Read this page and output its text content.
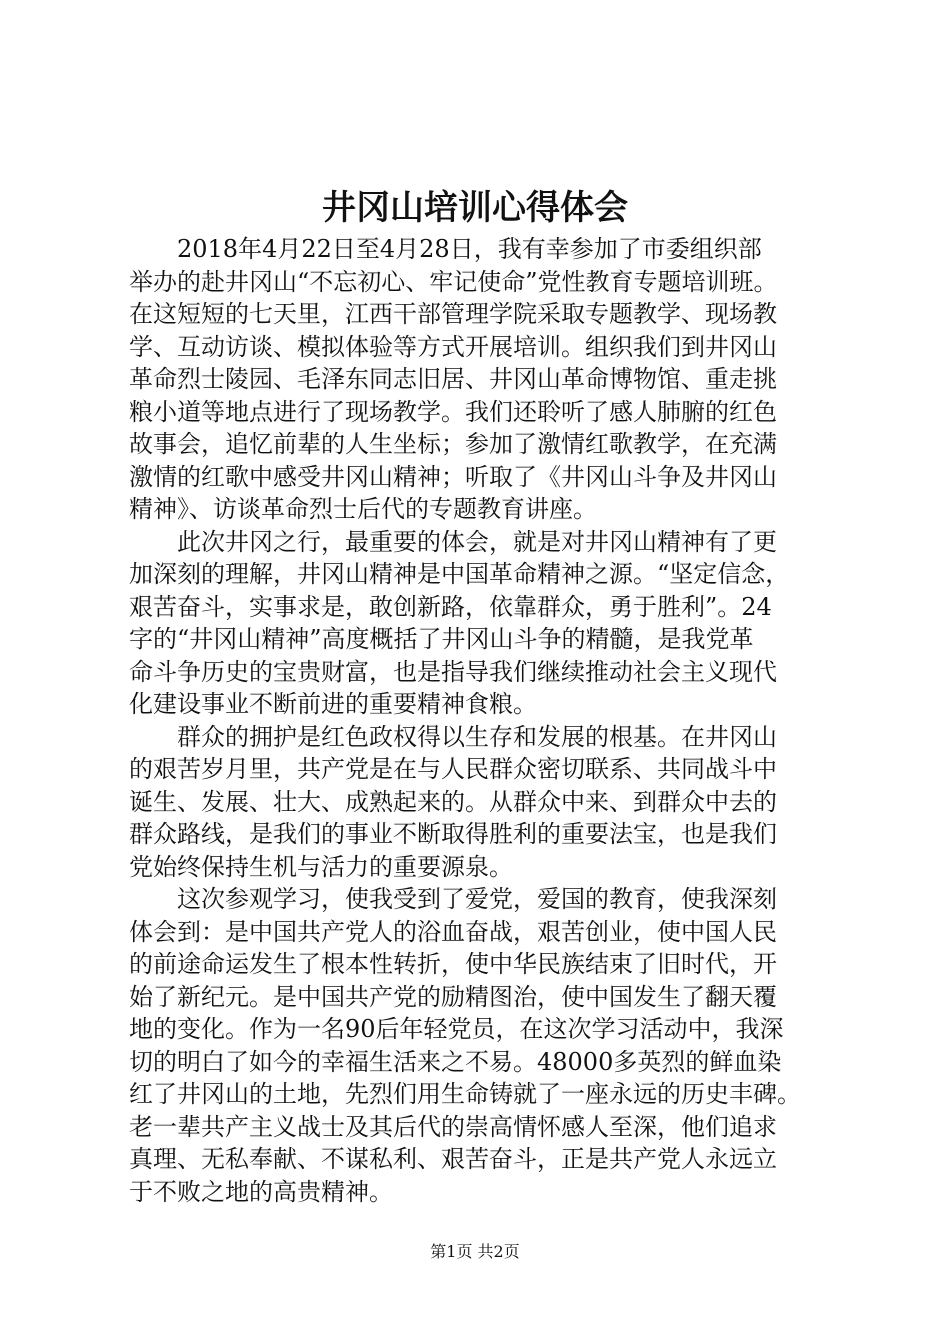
井冈山培训心得体会
　　2018年4月22日至4月28日，我有幸参加了市委组织部
举办的赴井冈山“不忘初心、牢记使命”党性教育专题培训班。
在这短短的七天里，江西干部管理学院采取专题教学、现场教
学、互动访谈、模拟体验等方式开展培训。组织我们到井冈山
革命烈士陵园、毛泽东同志旧居、井冈山革命博物馆、重走挑
粮小道等地点进行了现场教学。我们还聆听了感人肺腑的红色
故事会，追忆前辈的人生坐标；参加了激情红歌教学，在充满
激情的红歌中感受井冈山精神；听取了《井冈山斗争及井冈山
精神》、访谈革命烈士后代的专题教育讲座。
　　此次井冈之行，最重要的体会，就是对井冈山精神有了更
加深刻的理解，井冈山精神是中国革命精神之源。“坚定信念，
艰苦奋斗，实事求是，敢创新路，依靠群众，勇于胜利”。24
字的“井冈山精神”高度概括了井冈山斗争的精髓，是我党革
命斗争历史的宝贵财富，也是指导我们继续推动社会主义现代
化建设事业不断前进的重要精神食粮。
　　群众的拥护是红色政权得以生存和发展的根基。在井冈山
的艰苦岁月里，共产党是在与人民群众密切联系、共同战斗中
诞生、发展、壮大、成熟起来的。从群众中来、到群众中去的
群众路线，是我们的事业不断取得胜利的重要法宝，也是我们
党始终保持生机与活力的重要源泉。
　　这次参观学习，使我受到了爱党，爱国的教育，使我深刻
体会到：是中国共产党人的浴血奋战，艰苦创业，使中国人民
的前途命运发生了根本性转折，使中华民族结束了旧时代，开
始了新纪元。是中国共产党的励精图治，使中国发生了翻天覆
地的变化。作为一名90后年轻党员，在这次学习活动中，我深
切的明白了如今的幸福生活来之不易。48000多英烈的鲜血染
红了井冈山的土地，先烈们用生命铸就了一座永远的历史丰碑。
老一辈共产主义战士及其后代的崇高情怀感人至深，他们追求
真理、无私奉献、不谋私利、艰苦奋斗，正是共产党人永远立
于不败之地的高贵精神。
第1页 共2页
